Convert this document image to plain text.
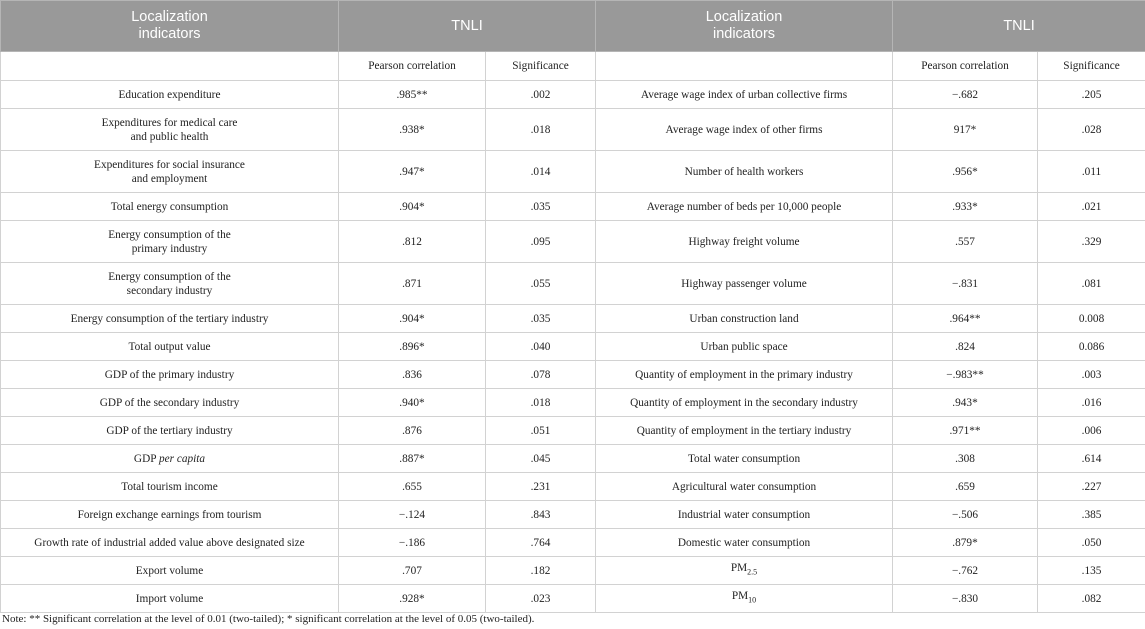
Localization
indicators	TNLI		Localization
indicators	TNLI	

	Pearson correlation	Significance		Pearson correlation	Significance

Education expenditure	.985**	.002	Average wage index of urban collective firms	−.682	.205

Expenditures for medical care
and public health	.938*	.018	Average wage index of other firms	917*	.028

Expenditures for social insurance
and employment	.947*	.014	Number of health workers	.956*	.011

Total energy consumption	.904*	.035	Average number of beds per 10,000 people	.933*	.021

Energy consumption of the
primary industry	.812	.095	Highway freight volume	.557	.329

Energy consumption of the
secondary industry	.871	.055	Highway passenger volume	−.831	.081

Energy consumption of the tertiary industry	.904*	.035	Urban construction land	.964**	0.008

Total output value	.896*	.040	Urban public space	.824	0.086

GDP of the primary industry	.836	.078	Quantity of employment in the primary industry	−.983**	.003

GDP of the secondary industry	.940*	.018	Quantity of employment in the secondary industry	.943*	.016

GDP of the tertiary industry	.876	.051	Quantity of employment in the tertiary industry	.971**	.006

GDP per capita	.887*	.045	Total water consumption	.308	.614

Total tourism income	.655	.231	Agricultural water consumption	.659	.227

Foreign exchange earnings from tourism	−.124	.843	Industrial water consumption	−.506	.385

Growth rate of industrial added value above designated size	−.186	.764	Domestic water consumption	.879*	.050

Export volume	.707	.182	$PM_{2.5}$	−.762	.135

Import volume	.928*	.023	$PM_{10}$	−.830	.082
Note: ** Significant correlation at the level of 0.01 (two-tailed); * significant correlation at the level of 0.05 (two-tailed).
